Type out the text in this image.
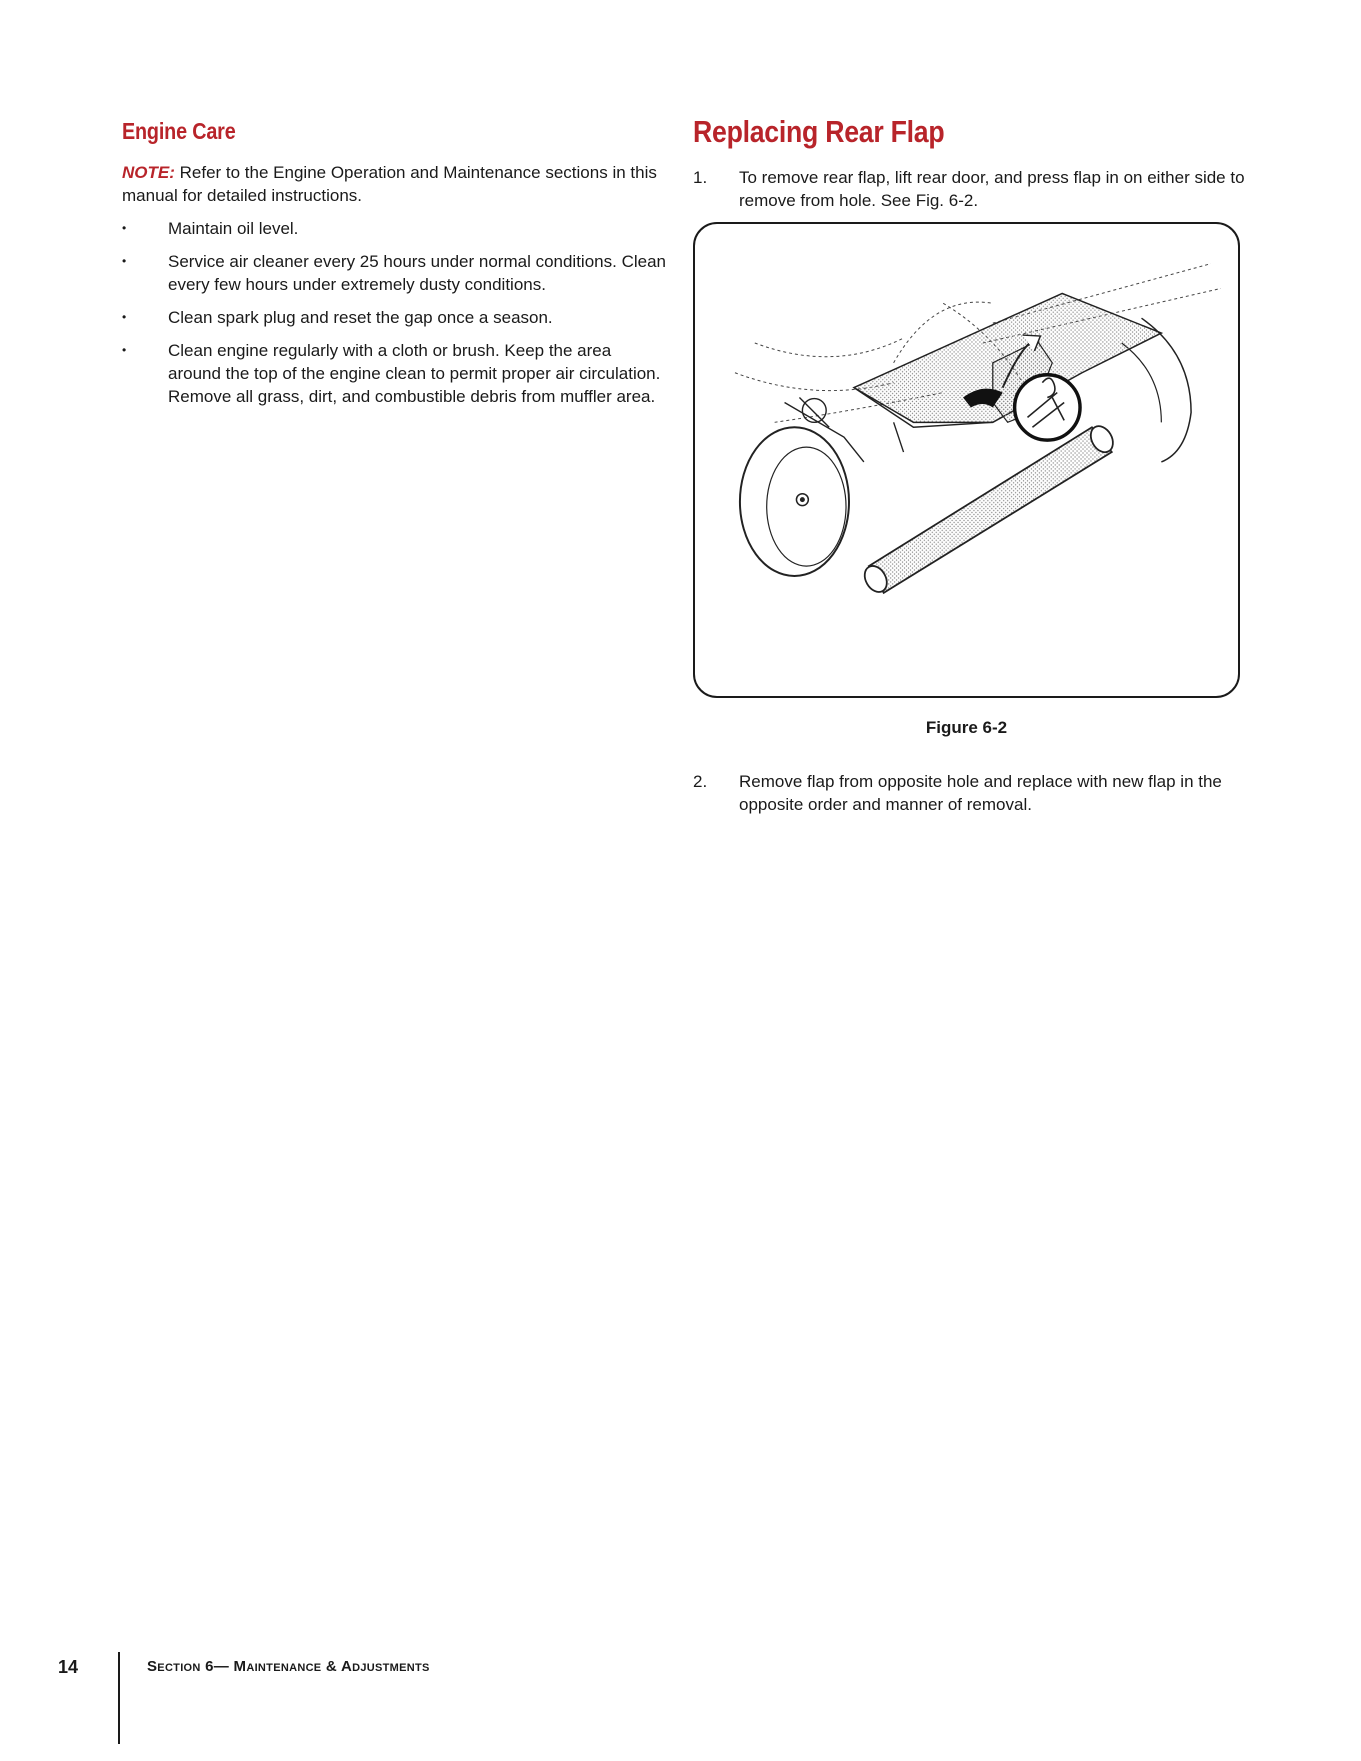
Engine Care

NOTE: Refer to the Engine Operation and Maintenance sections in this manual for detailed instructions.

• Maintain oil level.
• Service air cleaner every 25 hours under normal conditions. Clean every few hours under extremely dusty conditions.
• Clean spark plug and reset the gap once a season.
• Clean engine regularly with a cloth or brush. Keep the area around the top of the engine clean to permit proper air circulation. Remove all grass, dirt, and combustible debris from muffler area.
Replacing Rear Flap
1. To remove rear flap, lift rear door, and press flap in on either side to remove from hole. See Fig. 6-2.
Figure 6-2
2. Remove flap from opposite hole and replace with new flap in the opposite order and manner of removal.
14	Section 6— Maintenance & Adjustments
